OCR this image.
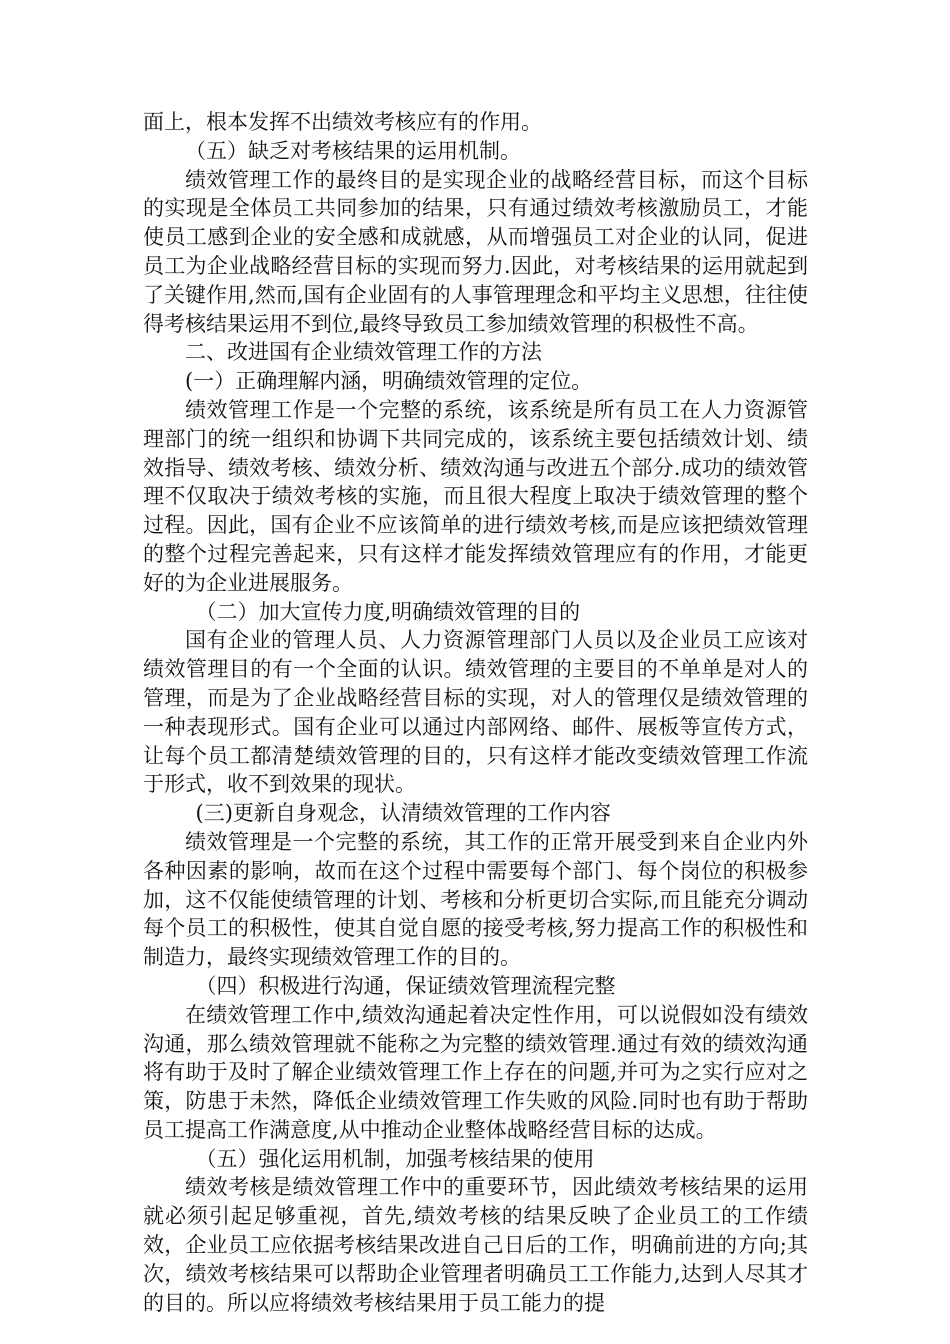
面上，根本发挥不出绩效考核应有的作用。

（五）缺乏对考核结果的运用机制。

绩效管理工作的最终目的是实现企业的战略经营目标，而这个目标的实现是全体员工共同参加的结果，只有通过绩效考核激励员工，才能使员工感到企业的安全感和成就感，从而增强员工对企业的认同，促进员工为企业战略经营目标的实现而努力.因此，对考核结果的运用就起到了关键作用,然而,国有企业固有的人事管理理念和平均主义思想，往往使得考核结果运用不到位,最终导致员工参加绩效管理的积极性不高。

二、改进国有企业绩效管理工作的方法

(一）正确理解内涵，明确绩效管理的定位。

绩效管理工作是一个完整的系统，该系统是所有员工在人力资源管理部门的统一组织和协调下共同完成的，该系统主要包括绩效计划、绩效指导、绩效考核、绩效分析、绩效沟通与改进五个部分.成功的绩效管理不仅取决于绩效考核的实施，而且很大程度上取决于绩效管理的整个过程。因此，国有企业不应该简单的进行绩效考核,而是应该把绩效管理的整个过程完善起来，只有这样才能发挥绩效管理应有的作用，才能更好的为企业进展服务。

（二）加大宣传力度,明确绩效管理的目的

国有企业的管理人员、人力资源管理部门人员以及企业员工应该对绩效管理目的有一个全面的认识。绩效管理的主要目的不单单是对人的管理，而是为了企业战略经营目标的实现，对人的管理仅是绩效管理的一种表现形式。国有企业可以通过内部网络、邮件、展板等宣传方式，让每个员工都清楚绩效管理的目的，只有这样才能改变绩效管理工作流于形式，收不到效果的现状。

(三)更新自身观念，认清绩效管理的工作内容

绩效管理是一个完整的系统，其工作的正常开展受到来自企业内外各种因素的影响，故而在这个过程中需要每个部门、每个岗位的积极参加，这不仅能使绩管理的计划、考核和分析更切合实际,而且能充分调动每个员工的积极性，使其自觉自愿的接受考核,努力提高工作的积极性和制造力，最终实现绩效管理工作的目的。

（四）积极进行沟通，保证绩效管理流程完整

在绩效管理工作中,绩效沟通起着决定性作用，可以说假如没有绩效沟通，那么绩效管理就不能称之为完整的绩效管理.通过有效的绩效沟通将有助于及时了解企业绩效管理工作上存在的问题,并可为之实行应对之策，防患于未然，降低企业绩效管理工作失败的风险.同时也有助于帮助员工提高工作满意度,从中推动企业整体战略经营目标的达成。

（五）强化运用机制，加强考核结果的使用

绩效考核是绩效管理工作中的重要环节，因此绩效考核结果的运用就必须引起足够重视，首先,绩效考核的结果反映了企业员工的工作绩效，企业员工应依据考核结果改进自己日后的工作，明确前进的方向;其次，绩效考核结果可以帮助企业管理者明确员工工作能力,达到人尽其才的目的。所以应将绩效考核结果用于员工能力的提
